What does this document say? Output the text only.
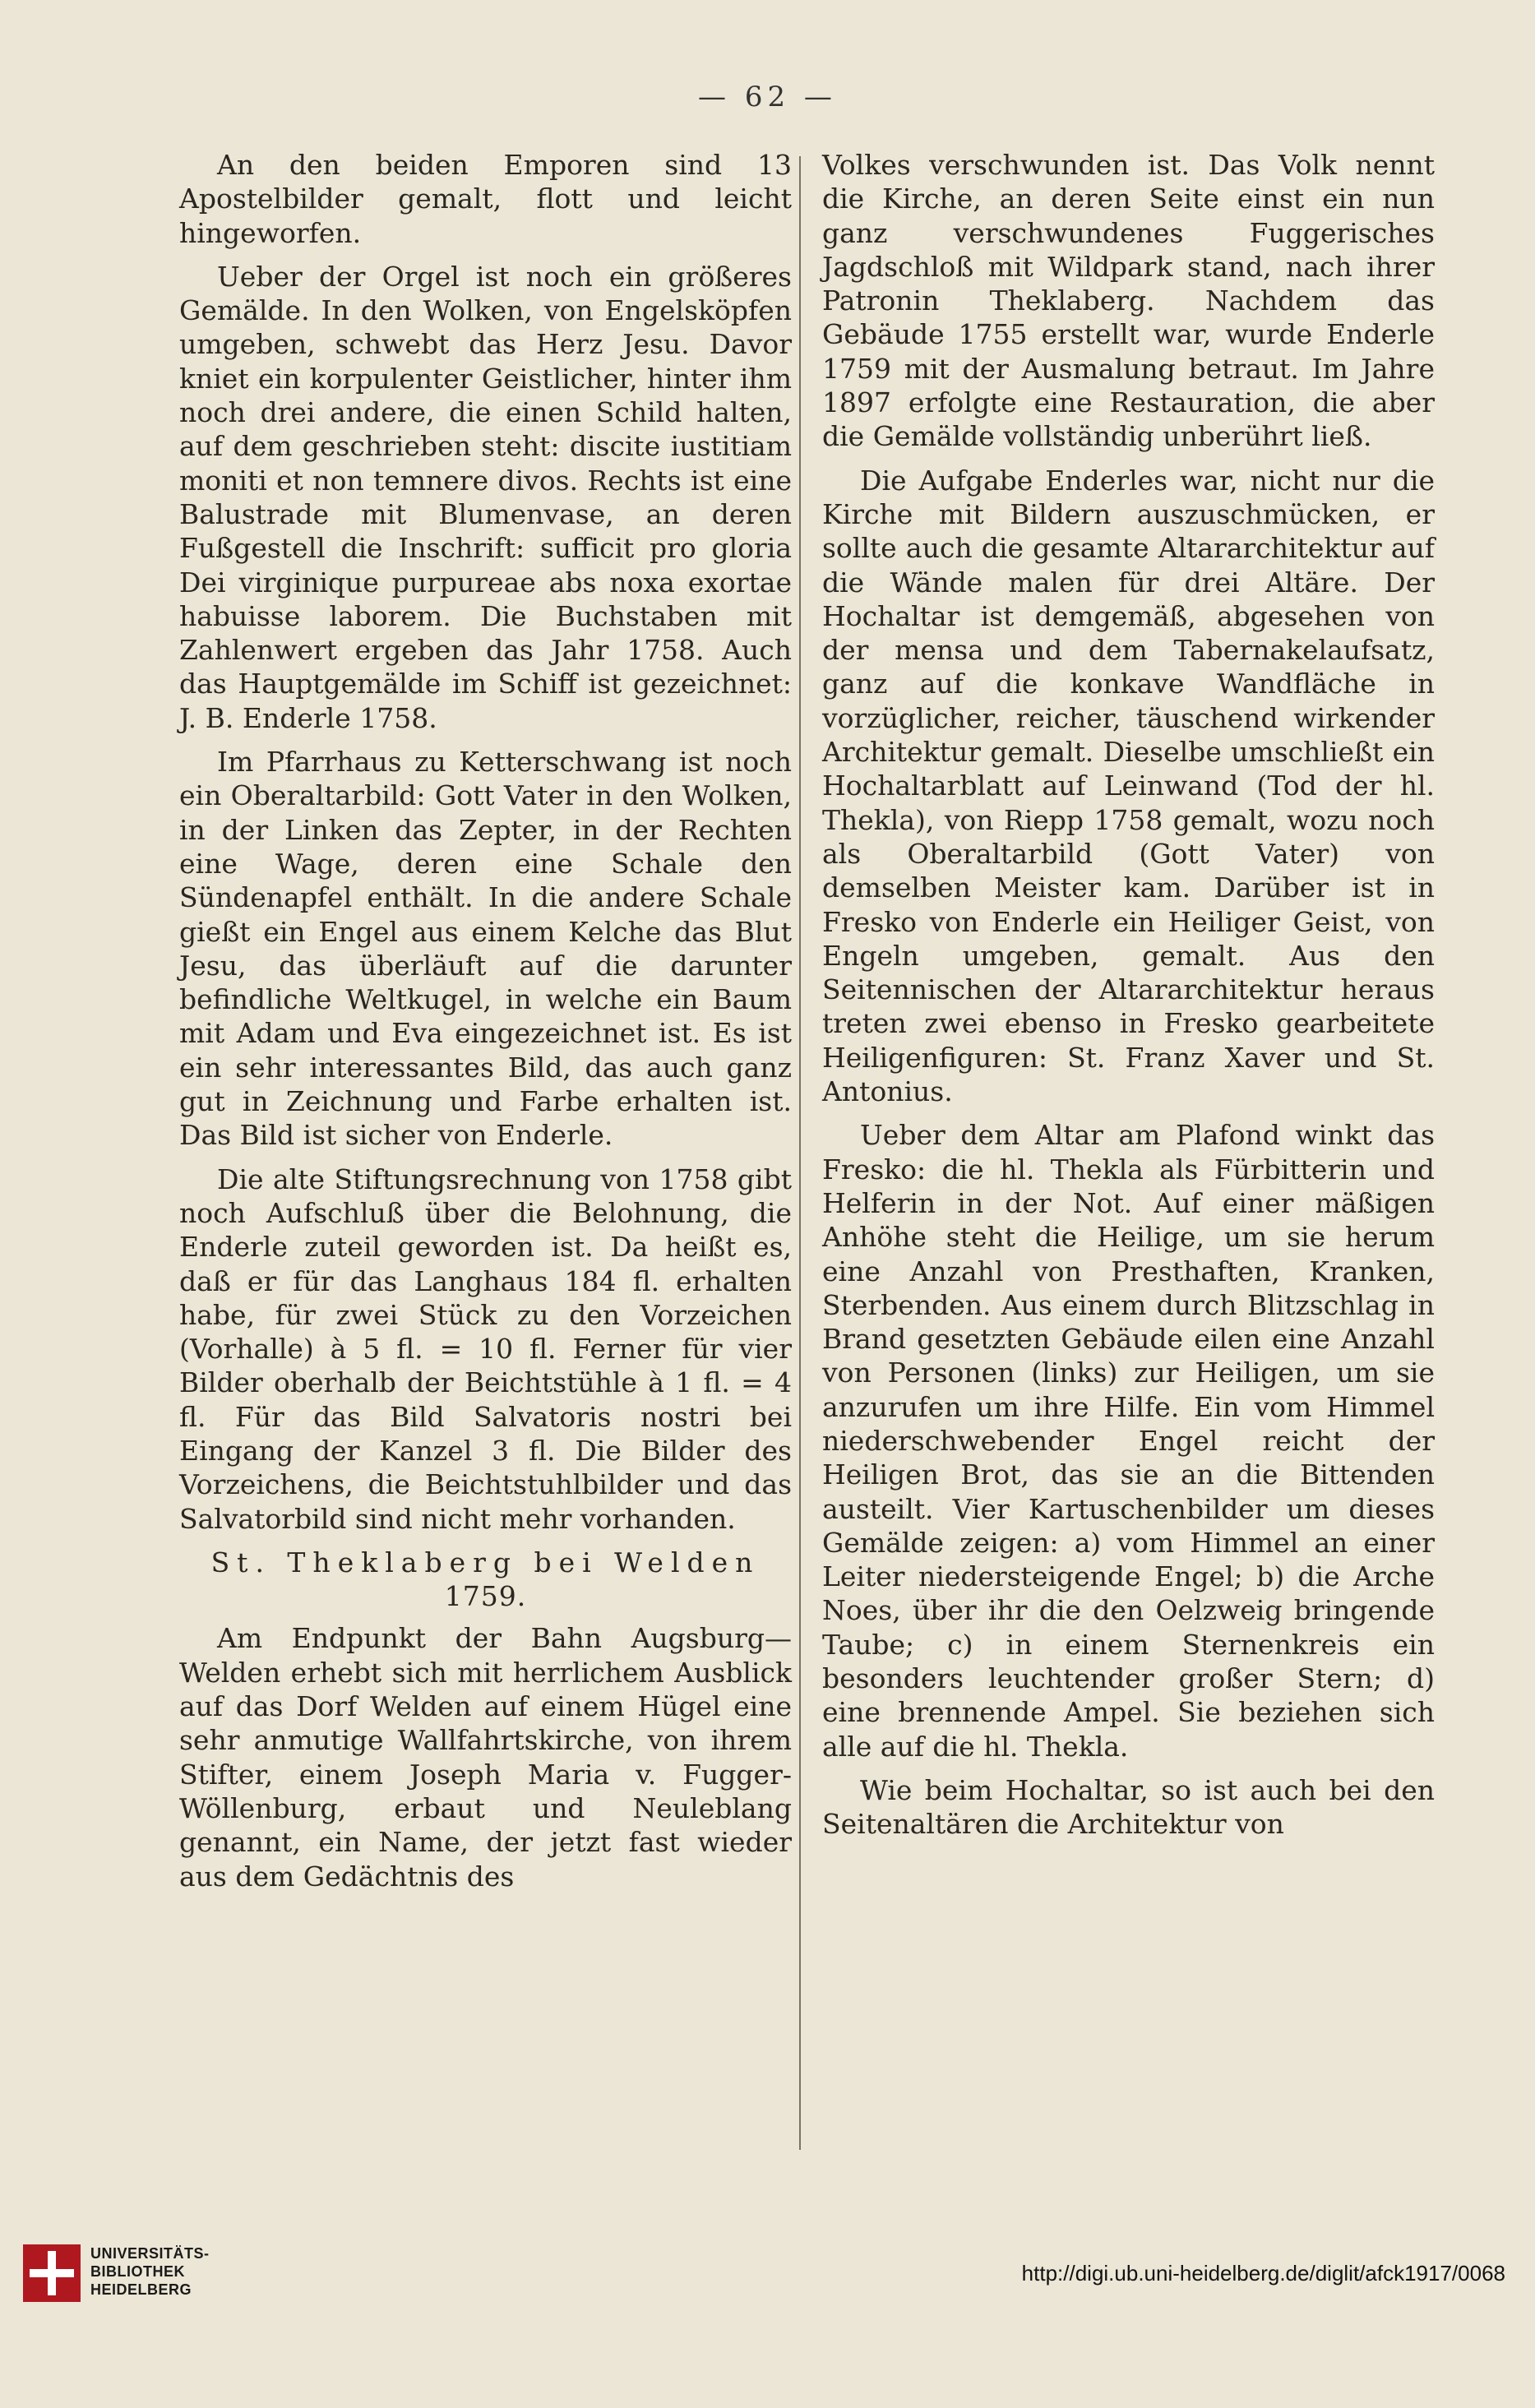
— 62 —

An den beiden Emporen sind 13 Apostelbilder gemalt, flott und leicht hingeworfen.

Ueber der Orgel ist noch ein größeres Gemälde. In den Wolken, von Engelsköpfen umgeben, schwebt das Herz Jesu. Davor kniet ein korpulenter Geistlicher, hinter ihm noch drei andere, die einen Schild halten, auf dem geschrieben steht: discite iustitiam moniti et non temnere divos. Rechts ist eine Balustrade mit Blumenvase, an deren Fußgestell die Inschrift: sufficit pro gloria Dei virginique purpureae abs noxa exortae habuisse laborem. Die Buchstaben mit Zahlenwert ergeben das Jahr 1758. Auch das Hauptgemälde im Schiff ist gezeichnet: J. B. Enderle 1758.

Im Pfarrhaus zu Ketterschwang ist noch ein Oberaltarbild: Gott Vater in den Wolken, in der Linken das Zepter, in der Rechten eine Wage, deren eine Schale den Sündenapfel enthält. In die andere Schale gießt ein Engel aus einem Kelche das Blut Jesu, das überläuft auf die darunter befindliche Weltkugel, in welche ein Baum mit Adam und Eva eingezeichnet ist. Es ist ein sehr interessantes Bild, das auch ganz gut in Zeichnung und Farbe erhalten ist. Das Bild ist sicher von Enderle.

Die alte Stiftungsrechnung von 1758 gibt noch Aufschluß über die Belohnung, die Enderle zuteil geworden ist. Da heißt es, daß er für das Langhaus 184 fl. erhalten habe, für zwei Stück zu den Vorzeichen (Vorhalle) à 5 fl. = 10 fl. Ferner für vier Bilder oberhalb der Beichtstühle à 1 fl. = 4 fl. Für das Bild Salvatoris nostri bei Eingang der Kanzel 3 fl. Die Bilder des Vorzeichens, die Beichtstuhlbilder und das Salvatorbild sind nicht mehr vorhanden.

St. Theklaberg bei Welden
1759.

Am Endpunkt der Bahn Augsburg—Welden erhebt sich mit herrlichem Ausblick auf das Dorf Welden auf einem Hügel eine sehr anmutige Wallfahrtskirche, von ihrem Stifter, einem Joseph Maria v. Fugger-Wöllenburg, erbaut und Neuleblang genannt, ein Name, der jetzt fast wieder aus dem Gedächtnis des

Volkes verschwunden ist. Das Volk nennt die Kirche, an deren Seite einst ein nun ganz verschwundenes Fuggerisches Jagdschloß mit Wildpark stand, nach ihrer Patronin Theklaberg. Nachdem das Gebäude 1755 erstellt war, wurde Enderle 1759 mit der Ausmalung betraut. Im Jahre 1897 erfolgte eine Restauration, die aber die Gemälde vollständig unberührt ließ.

Die Aufgabe Enderles war, nicht nur die Kirche mit Bildern auszuschmücken, er sollte auch die gesamte Altararchitektur auf die Wände malen für drei Altäre. Der Hochaltar ist demgemäß, abgesehen von der mensa und dem Tabernakelaufsatz, ganz auf die konkave Wandfläche in vorzüglicher, reicher, täuschend wirkender Architektur gemalt. Dieselbe umschließt ein Hochaltarblatt auf Leinwand (Tod der hl. Thekla), von Riepp 1758 gemalt, wozu noch als Oberaltarbild (Gott Vater) von demselben Meister kam. Darüber ist in Fresko von Enderle ein Heiliger Geist, von Engeln umgeben, gemalt. Aus den Seitennischen der Altararchitektur heraus treten zwei ebenso in Fresko gearbeitete Heiligenfiguren: St. Franz Xaver und St. Antonius.

Ueber dem Altar am Plafond winkt das Fresko: die hl. Thekla als Fürbitterin und Helferin in der Not. Auf einer mäßigen Anhöhe steht die Heilige, um sie herum eine Anzahl von Presthaften, Kranken, Sterbenden. Aus einem durch Blitzschlag in Brand gesetzten Gebäude eilen eine Anzahl von Personen (links) zur Heiligen, um sie anzurufen um ihre Hilfe. Ein vom Himmel niederschwebender Engel reicht der Heiligen Brot, das sie an die Bittenden austeilt. Vier Kartuschenbilder um dieses Gemälde zeigen: a) vom Himmel an einer Leiter niedersteigende Engel; b) die Arche Noes, über ihr die den Oelzweig bringende Taube; c) in einem Sternenkreis ein besonders leuchtender großer Stern; d) eine brennende Ampel. Sie beziehen sich alle auf die hl. Thekla.

Wie beim Hochaltar, so ist auch bei den Seitenaltären die Architektur von

UNIVERSITÄTS-
BIBLIOTHEK
HEIDELBERG
http://digi.ub.uni-heidelberg.de/diglit/afck1917/0068
